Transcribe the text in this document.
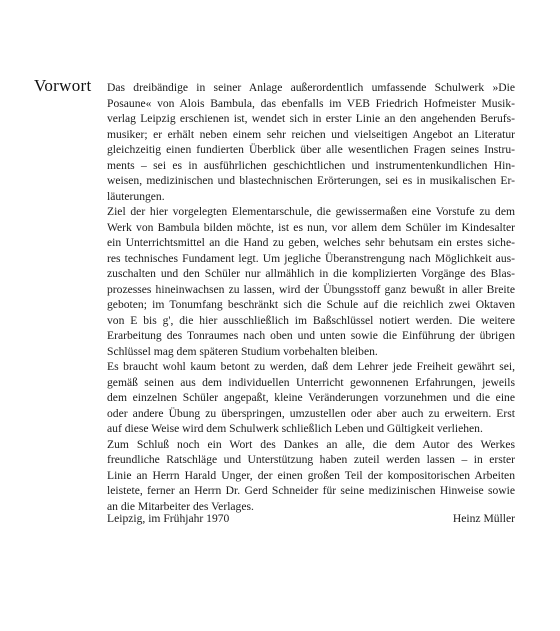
Vorwort Das dreibändige in seiner Anlage außerordentlich umfassende Schulwerk »Die
Posaune« von Alois Bambula, das ebenfalls im VEB Friedrich Hofmeister Musik-
verlag Leipzig erschienen ist, wendet sich in erster Linie an den angehenden Berufs-
musiker; er erhält neben einem sehr reichen und vielseitigen Angebot an Literatur
gleichzeitig einen fundierten Überblick über alle wesentlichen Fragen seines Instru-
ments – sei es in ausführlichen geschichtlichen und instrumentenkundlichen Hin-
weisen, medizinischen und blastechnischen Erörterungen, sei es in musikalischen Er-
läuterungen.
Ziel der hier vorgelegten Elementarschule, die gewissermaßen eine Vorstufe zu dem
Werk von Bambula bilden möchte, ist es nun, vor allem dem Schüler im Kindesalter
ein Unterrichtsmittel an die Hand zu geben, welches sehr behutsam ein erstes siche-
res technisches Fundament legt. Um jegliche Überanstrengung nach Möglichkeit aus-
zuschalten und den Schüler nur allmählich in die komplizierten Vorgänge des Blas-
prozesses hineinwachsen zu lassen, wird der Übungsstoff ganz bewußt in aller Breite
geboten; im Tonumfang beschränkt sich die Schule auf die reichlich zwei Oktaven
von E bis g', die hier ausschließlich im Baßschlüssel notiert werden. Die weitere
Erarbeitung des Tonraumes nach oben und unten sowie die Einführung der übrigen
Schlüssel mag dem späteren Studium vorbehalten bleiben.
Es braucht wohl kaum betont zu werden, daß dem Lehrer jede Freiheit gewährt sei,
gemäß seinen aus dem individuellen Unterricht gewonnenen Erfahrungen, jeweils
dem einzelnen Schüler angepaßt, kleine Veränderungen vorzunehmen und die eine
oder andere Übung zu überspringen, umzustellen oder aber auch zu erweitern. Erst
auf diese Weise wird dem Schulwerk schließlich Leben und Gültigkeit verliehen.
Zum Schluß noch ein Wort des Dankes an alle, die dem Autor des Werkes
freundliche Ratschläge und Unterstützung haben zuteil werden lassen – in erster
Linie an Herrn Harald Unger, der einen großen Teil der kompositorischen Arbeiten
leistete, ferner an Herrn Dr. Gerd Schneider für seine medizinischen Hinweise sowie
an die Mitarbeiter des Verlages.
Leipzig, im Frühjahr 1970	Heinz Müller
